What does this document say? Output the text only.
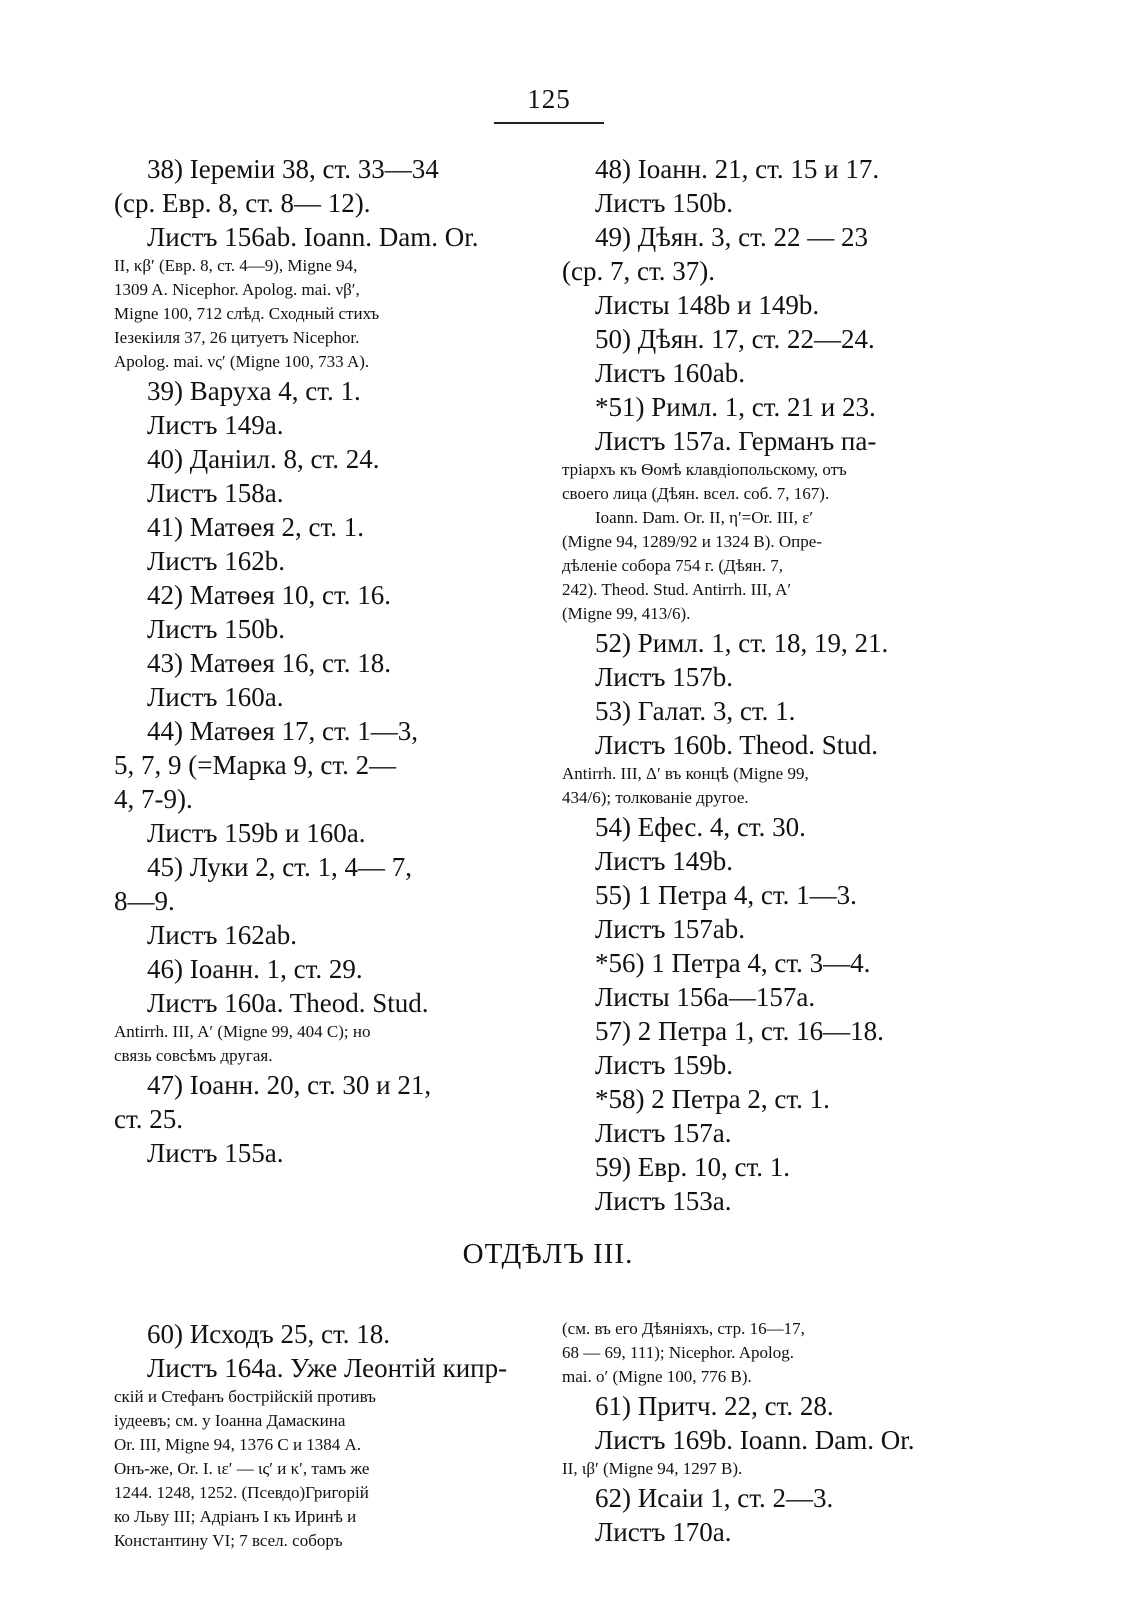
125
38) Іереміи 38, ст. 33—34
(ср. Евр. 8, ст. 8— 12).
Листъ 156ab. Ioann. Dam. Or.
II, κβ′ (Евр. 8, ст. 4—9), Migne 94,
1309 A. Nicephor. Apolog. mai. νβ′,
Migne 100, 712 слѣд. Сходный стихъ
Іезекіиля 37, 26 цитуетъ Nicephor.
Apolog. mai. νς′ (Migne 100, 733 A).
39) Варуха 4, ст. 1.
Листъ 149a.
40) Даніил. 8, ст. 24.
Листъ 158a.
41) Матѳея 2, ст. 1.
Листъ 162b.
42) Матѳея 10, ст. 16.
Листъ 150b.
43) Матѳея 16, ст. 18.
Листъ 160a.
44) Матѳея 17, ст. 1—3,
5, 7, 9 (=Марка 9, ст. 2—
4, 7-9).
Листъ 159b и 160a.
45) Луки 2, ст. 1, 4— 7,
8—9.
Листъ 162ab.
46) Іоанн. 1, ст. 29.
Листъ 160a. Theod. Stud.
Antirrh. III, A′ (Migne 99, 404 C); но
связь совсѣмъ другая.
47) Іоанн. 20, ст. 30 и 21,
ст. 25.
Листъ 155a.
48) Іоанн. 21, ст. 15 и 17.
Листъ 150b.
49) Дѣян. 3, ст. 22 — 23
(ср. 7, ст. 37).
Листы 148b и 149b.
50) Дѣян. 17, ст. 22—24.
Листъ 160ab.
*51) Римл. 1, ст. 21 и 23.
Листъ 157a. Германъ па-
тріархъ къ Ѳомѣ клавдіопольскому, отъ
своего лица (Дѣян. всел. соб. 7, 167).
Ioann. Dam. Or. II, η′=Or. III, ε′
(Migne 94, 1289/92 и 1324 B). Опре-
дѣленіе собора 754 г. (Дѣян. 7,
242). Theod. Stud. Antirrh. III, A′
(Migne 99, 413/6).
52) Римл. 1, ст. 18, 19, 21.
Листъ 157b.
53) Галат. 3, ст. 1.
Листъ 160b. Theod. Stud.
Antirrh. III, Δ′ въ концѣ (Migne 99,
434/6); толкованіе другое.
54) Ефес. 4, ст. 30.
Листъ 149b.
55) 1 Петра 4, ст. 1—3.
Листъ 157ab.
*56) 1 Петра 4, ст. 3—4.
Листы 156a—157a.
57) 2 Петра 1, ст. 16—18.
Листъ 159b.
*58) 2 Петра 2, ст. 1.
Листъ 157a.
59) Евр. 10, ст. 1.
Листъ 153a.
ОТДѢЛЪ III.
60) Исходъ 25, ст. 18.
Листъ 164a. Уже Леонтій кипр-
скій и Стефанъ бострійскій противъ
іудеевъ; см. у Іоанна Дамаскина
Or. III, Migne 94, 1376 C и 1384 A.
Онъ-же, Or. I. ιε′ — ις′ и κ′, тамъ же
1244. 1248, 1252. (Псевдо)Григорій
ко Льву III; Адріанъ I къ Иринѣ и
Константину VI; 7 всел. соборъ
(см. въ его Дѣяніяхъ, стр. 16—17,
68 — 69, 111); Nicephor. Apolog.
mai. ο′ (Migne 100, 776 B).
61) Притч. 22, ст. 28.
Листъ 169b. Ioann. Dam. Or.
II, ιβ′ (Migne 94, 1297 B).
62) Исаіи 1, ст. 2—3.
Листъ 170a.
